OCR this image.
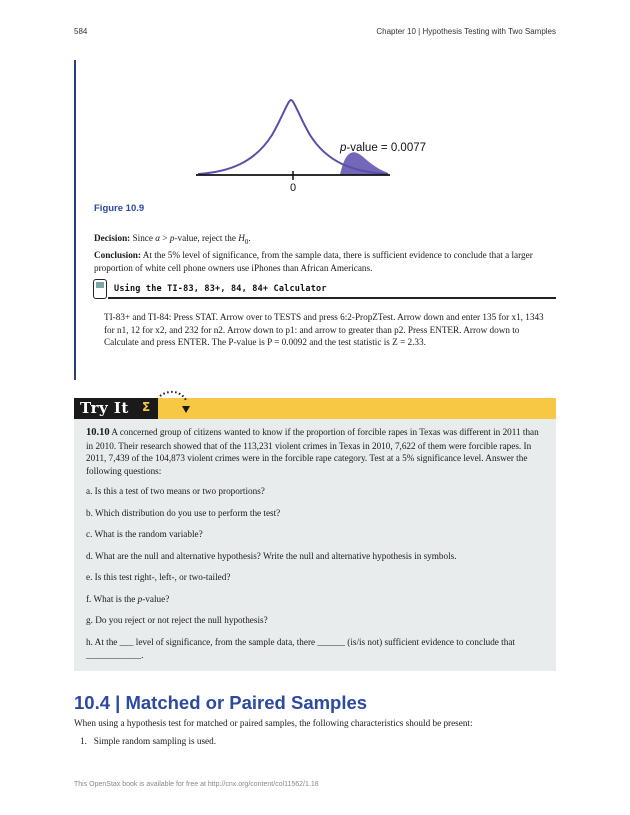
584	Chapter 10 | Hypothesis Testing with Two Samples
0
p-value = 0.0077
Figure 10.9
Decision: Since α > p-value, reject the $H_0$.
Conclusion: At the 5% level of significance, from the sample data, there is sufficient evidence to conclude that a larger proportion of white cell phone owners use iPhones than African Americans.
Using the TI-83, 83+, 84, 84+ Calculator
TI-83+ and TI-84: Press STAT. Arrow over to TESTS and press 6:2-PropZTest. Arrow down and enter 135 for x1, 1343 for n1, 12 for x2, and 232 for n2. Arrow down to p1: and arrow to greater than p2. Press ENTER. Arrow down to Calculate and press ENTER. The P-value is P = 0.0092 and the test statistic is Z = 2.33.
Try It Σ
10.10 A concerned group of citizens wanted to know if the proportion of forcible rapes in Texas was different in 2011 than in 2010. Their research showed that of the 113,231 violent crimes in Texas in 2010, 7,622 of them were forcible rapes. In 2011, 7,439 of the 104,873 violent crimes were in the forcible rape category. Test at a 5% significance level. Answer the following questions:
a. Is this a test of two means or two proportions?
b. Which distribution do you use to perform the test?
c. What is the random variable?
d. What are the null and alternative hypothesis? Write the null and alternative hypothesis in symbols.
e. Is this test right-, left-, or two-tailed?
f. What is the p-value?
g. Do you reject or not reject the null hypothesis?
h. At the ___ level of significance, from the sample data, there ______ (is/is not) sufficient evidence to conclude that ____________.
10.4 | Matched or Paired Samples
When using a hypothesis test for matched or paired samples, the following characteristics should be present:
1. Simple random sampling is used.
This OpenStax book is available for free at http://cnx.org/content/col11562/1.18
